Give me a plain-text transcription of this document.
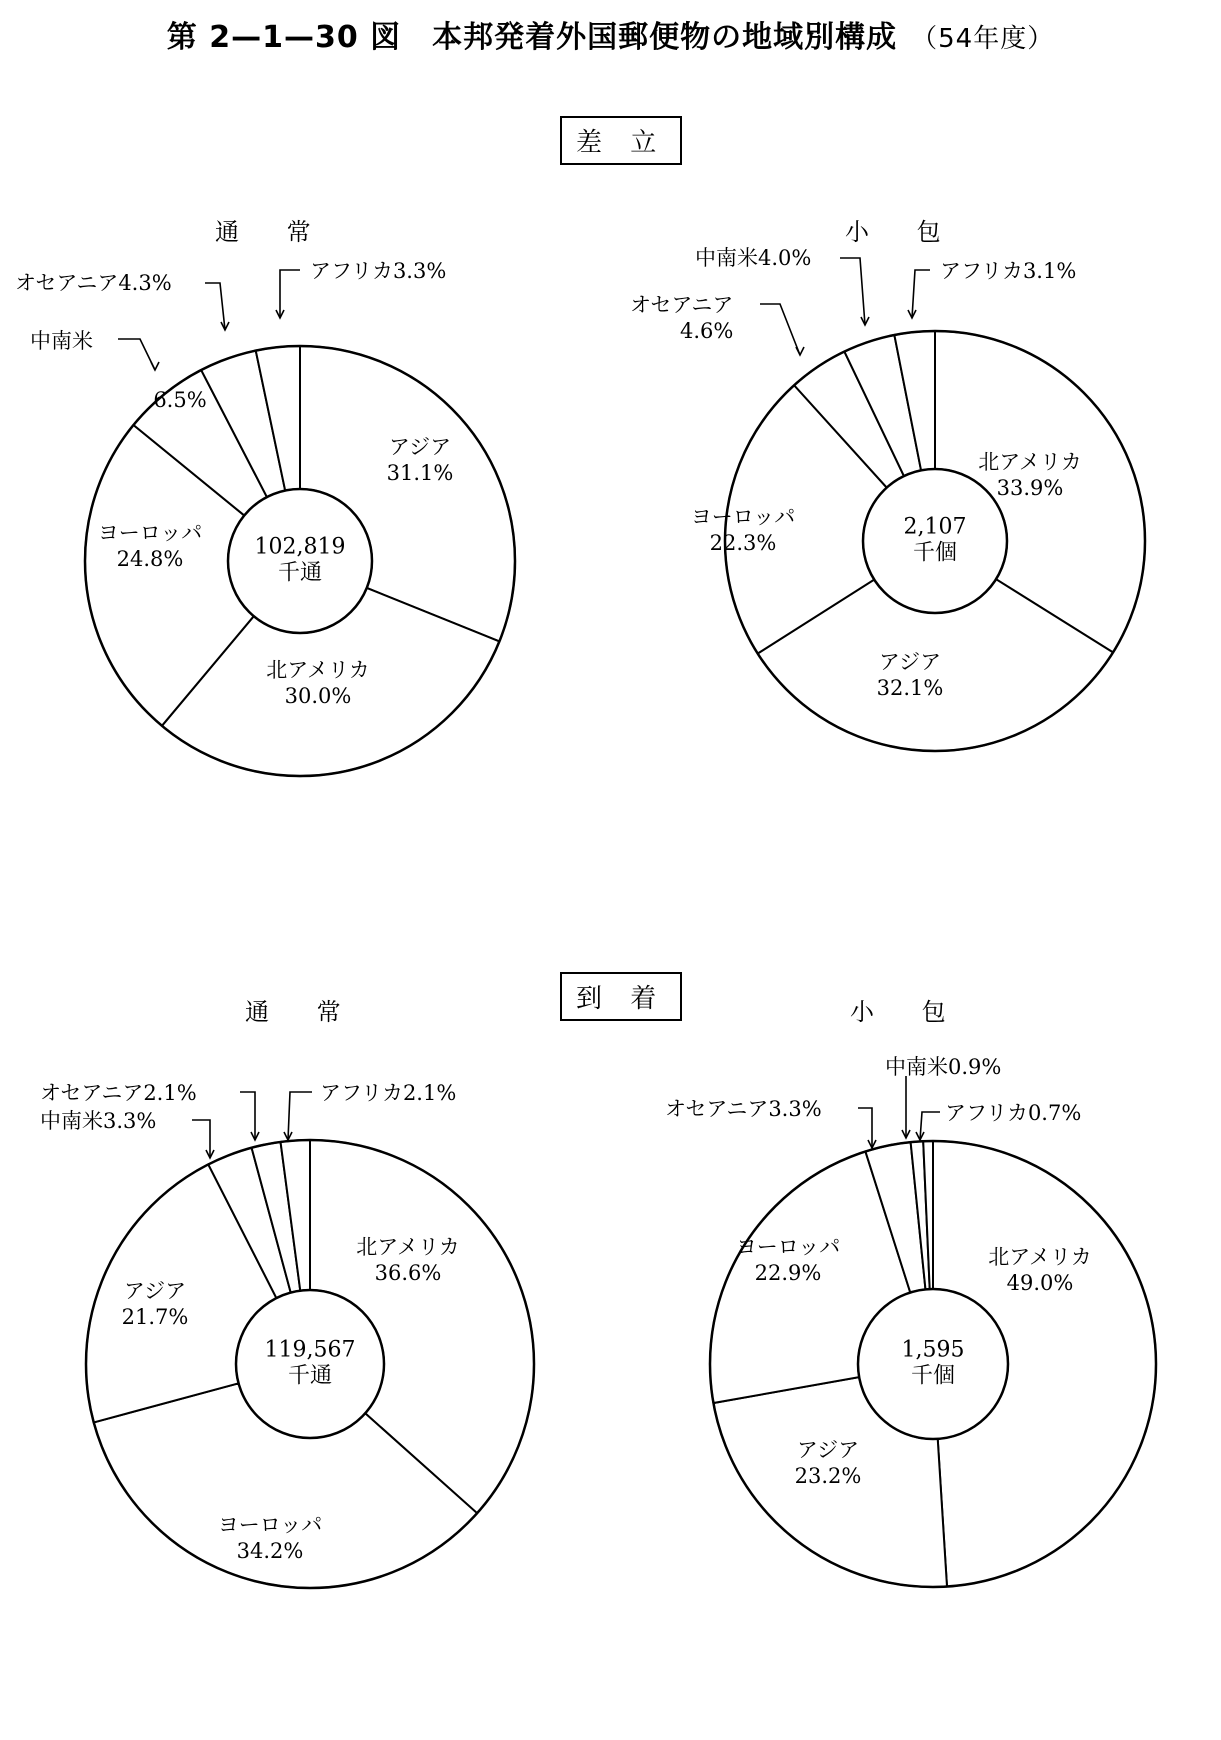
第 2—1—30 図　本邦発着外国郵便物の地域別構成 （54年度）
差 立
到 着
通 常
102,819
千通
アジア
31.1%
北アメリカ
30.0%
ヨーロッパ
24.8%
中南米
6.5%
オセアニア4.3%	アフリカ3.3%
小 包
2,107
千個
北アメリカ
33.9%
アジア
32.1%
ヨーロッパ
22.3%
オセアニア
4.6%
中南米4.0%
アフリカ3.1%
通 常
119,567
千通
北アメリカ
36.6%
ヨーロッパ
34.2%
アジア
21.7%
中南米3.3%
オセアニア2.1%	アフリカ2.1%
小 包
1,595
千個
北アメリカ
49.0%
アジア
23.2%
ヨーロッパ
22.9%
オセアニア3.3%
中南米0.9%
アフリカ0.7%
